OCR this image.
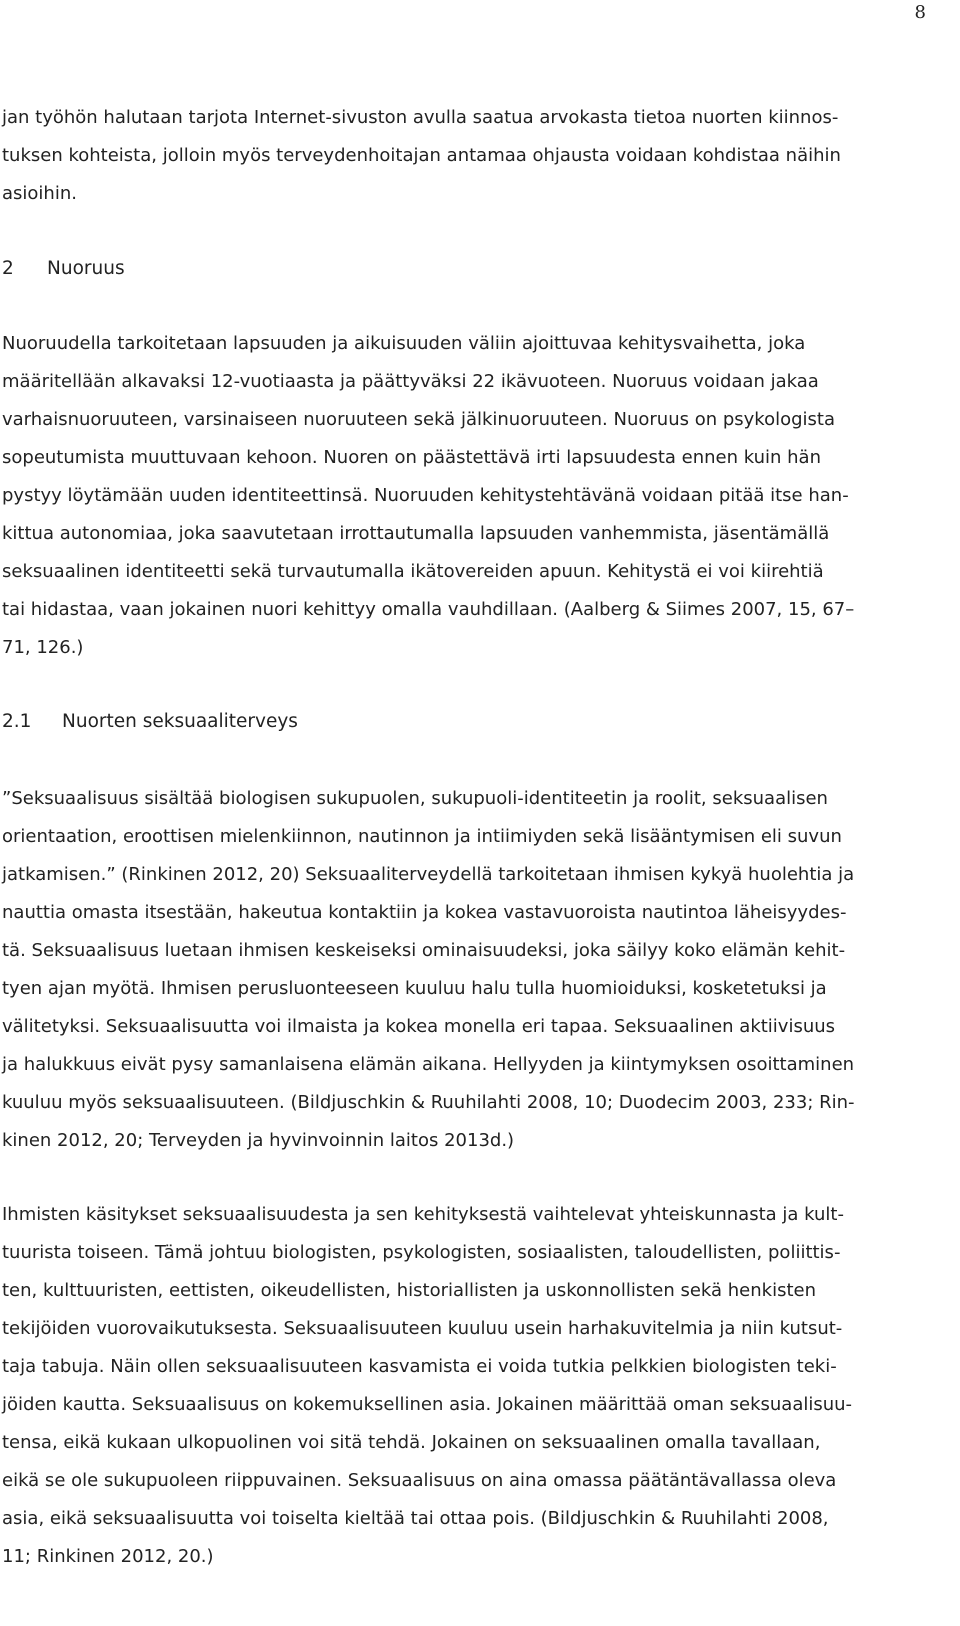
8

jan työhön halutaan tarjota Internet-sivuston avulla saatua arvokasta tietoa nuorten kiinnos-
tuksen kohteista, jolloin myös terveydenhoitajan antamaa ohjausta voidaan kohdistaa näihin
asioihin.

2 Nuoruus

Nuoruudella tarkoitetaan lapsuuden ja aikuisuuden väliin ajoittuvaa kehitysvaihetta, joka
määritellään alkavaksi 12-vuotiaasta ja päättyväksi 22 ikävuoteen. Nuoruus voidaan jakaa
varhaisnuoruuteen, varsinaiseen nuoruuteen sekä jälkinuoruuteen. Nuoruus on psykologista
sopeutumista muuttuvaan kehoon. Nuoren on päästettävä irti lapsuudesta ennen kuin hän
pystyy löytämään uuden identiteettinsä. Nuoruuden kehitystehtävänä voidaan pitää itse han-
kittua autonomiaa, joka saavutetaan irrottautumalla lapsuuden vanhemmista, jäsentämällä
seksuaalinen identiteetti sekä turvautumalla ikätovereiden apuun. Kehitystä ei voi kiirehtiä
tai hidastaa, vaan jokainen nuori kehittyy omalla vauhdillaan. (Aalberg & Siimes 2007, 15, 67–
71, 126.)

2.1 Nuorten seksuaaliterveys

”Seksuaalisuus sisältää biologisen sukupuolen, sukupuoli-identiteetin ja roolit, seksuaalisen
orientaation, eroottisen mielenkiinnon, nautinnon ja intiimiyden sekä lisääntymisen eli suvun
jatkamisen.” (Rinkinen 2012, 20) Seksuaaliterveydellä tarkoitetaan ihmisen kykyä huolehtia ja
nauttia omasta itsestään, hakeutua kontaktiin ja kokea vastavuoroista nautintoa läheisyydes-
tä. Seksuaalisuus luetaan ihmisen keskeiseksi ominaisuudeksi, joka säilyy koko elämän kehit-
tyen ajan myötä. Ihmisen perusluonteeseen kuuluu halu tulla huomioiduksi, kosketetuksi ja
välitetyksi. Seksuaalisuutta voi ilmaista ja kokea monella eri tapaa. Seksuaalinen aktiivisuus
ja halukkuus eivät pysy samanlaisena elämän aikana. Hellyyden ja kiintymyksen osoittaminen
kuuluu myös seksuaalisuuteen. (Bildjuschkin & Ruuhilahti 2008, 10; Duodecim 2003, 233; Rin-
kinen 2012, 20; Terveyden ja hyvinvoinnin laitos 2013d.)

Ihmisten käsitykset seksuaalisuudesta ja sen kehityksestä vaihtelevat yhteiskunnasta ja kult-
tuurista toiseen. Tämä johtuu biologisten, psykologisten, sosiaalisten, taloudellisten, poliittis-
ten, kulttuuristen, eettisten, oikeudellisten, historiallisten ja uskonnollisten sekä henkisten
tekijöiden vuorovaikutuksesta. Seksuaalisuuteen kuuluu usein harhakuvitelmia ja niin kutsut-
taja tabuja. Näin ollen seksuaalisuuteen kasvamista ei voida tutkia pelkkien biologisten teki-
jöiden kautta. Seksuaalisuus on kokemuksellinen asia. Jokainen määrittää oman seksuaalisuu-
tensa, eikä kukaan ulkopuolinen voi sitä tehdä. Jokainen on seksuaalinen omalla tavallaan,
eikä se ole sukupuoleen riippuvainen. Seksuaalisuus on aina omassa päätäntävallassa oleva
asia, eikä seksuaalisuutta voi toiselta kieltää tai ottaa pois. (Bildjuschkin & Ruuhilahti 2008,
11; Rinkinen 2012, 20.)
